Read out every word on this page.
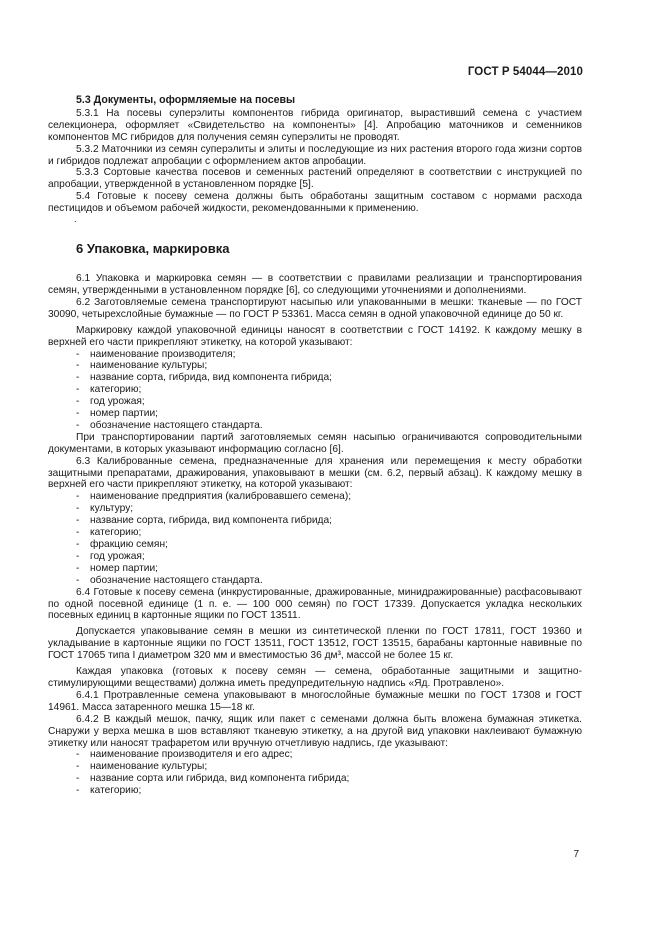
ГОСТ Р 54044—2010
5.3 Документы, оформляемые на посевы
5.3.1 На посевы суперэлиты компонентов гибрида оригинатор, вырастивший семена с участием селекционера, оформляет «Свидетельство на компоненты» [4]. Апробацию маточников и семенников компонентов МС гибридов для получения семян суперэлиты не проводят.
5.3.2 Маточники из семян суперэлиты и элиты и последующие из них растения второго года жизни сортов и гибридов подлежат апробации с оформлением актов апробации.
5.3.3 Сортовые качества посевов и семенных растений определяют в соответствии с инструкцией по апробации, утвержденной в установленном порядке [5].
5.4 Готовые к посеву семена должны быть обработаны защитным составом с нормами расхода пестицидов и объемом рабочей жидкости, рекомендованными к применению.
.
6 Упаковка, маркировка
6.1 Упаковка и маркировка семян — в соответствии с правилами реализации и транспортирования семян, утвержденными в установленном порядке [6], со следующими уточнениями и дополнениями.
6.2 Заготовляемые семена транспортируют насыпью или упакованными в мешки: тканевые — по ГОСТ 30090, четырехслойные бумажные — по ГОСТ Р 53361. Масса семян в одной упаковочной единице до 50 кг.
Маркировку каждой упаковочной единицы наносят в соответствии с ГОСТ 14192. К каждому мешку в верхней его части прикрепляют этикетку, на которой указывают:
-	наименование производителя;
-	наименование культуры;
-	название сорта, гибрида, вид компонента гибрида;
-	категорию;
-	год урожая;
-	номер партии;
-	обозначение настоящего стандарта.
При транспортировании партий заготовляемых семян насыпью ограничиваются сопроводительными документами, в которых указывают информацию согласно [6].
6.3 Калиброванные семена, предназначенные для хранения или перемещения к месту обработки защитными препаратами, дражирования, упаковывают в мешки (см. 6.2, первый абзац). К каждому мешку в верхней его части прикрепляют этикетку, на которой указывают:
-	наименование предприятия (калибровавшего семена);
-	культуру;
-	название сорта, гибрида, вид компонента гибрида;
-	категорию;
-	фракцию семян;
-	год урожая;
-	номер партии;
-	обозначение настоящего стандарта.
6.4 Готовые к посеву семена (инкрустированные, дражированные, минидражированные) расфасовывают по одной посевной единице (1 п. е. — 100 000 семян) по ГОСТ 17339. Допускается укладка нескольких посевных единиц в картонные ящики по ГОСТ 13511.
Допускается упаковывание семян в мешки из синтетической пленки по ГОСТ 17811, ГОСТ 19360 и укладывание в картонные ящики по ГОСТ 13511, ГОСТ 13512, ГОСТ 13515, барабаны картонные навивные по ГОСТ 17065 типа I диаметром 320 мм и вместимостью 36 дм³, массой не более 15 кг.
Каждая упаковка (готовых к посеву семян — семена, обработанные защитными и защитно-стимулирующими веществами) должна иметь предупредительную надпись «Яд. Протравлено».
6.4.1 Протравленные семена упаковывают в многослойные бумажные мешки по ГОСТ 17308 и ГОСТ 14961. Масса затаренного мешка 15—18 кг.
6.4.2 В каждый мешок, пачку, ящик или пакет с семенами должна быть вложена бумажная этикетка. Снаружи у верха мешка в шов вставляют тканевую этикетку, а на другой вид упаковки наклеивают бумажную этикетку или наносят трафаретом или вручную отчетливую надпись, где указывают:
-	наименование производителя и его адрес;
-	наименование культуры;
-	название сорта или гибрида, вид компонента гибрида;
-	категорию;
7
